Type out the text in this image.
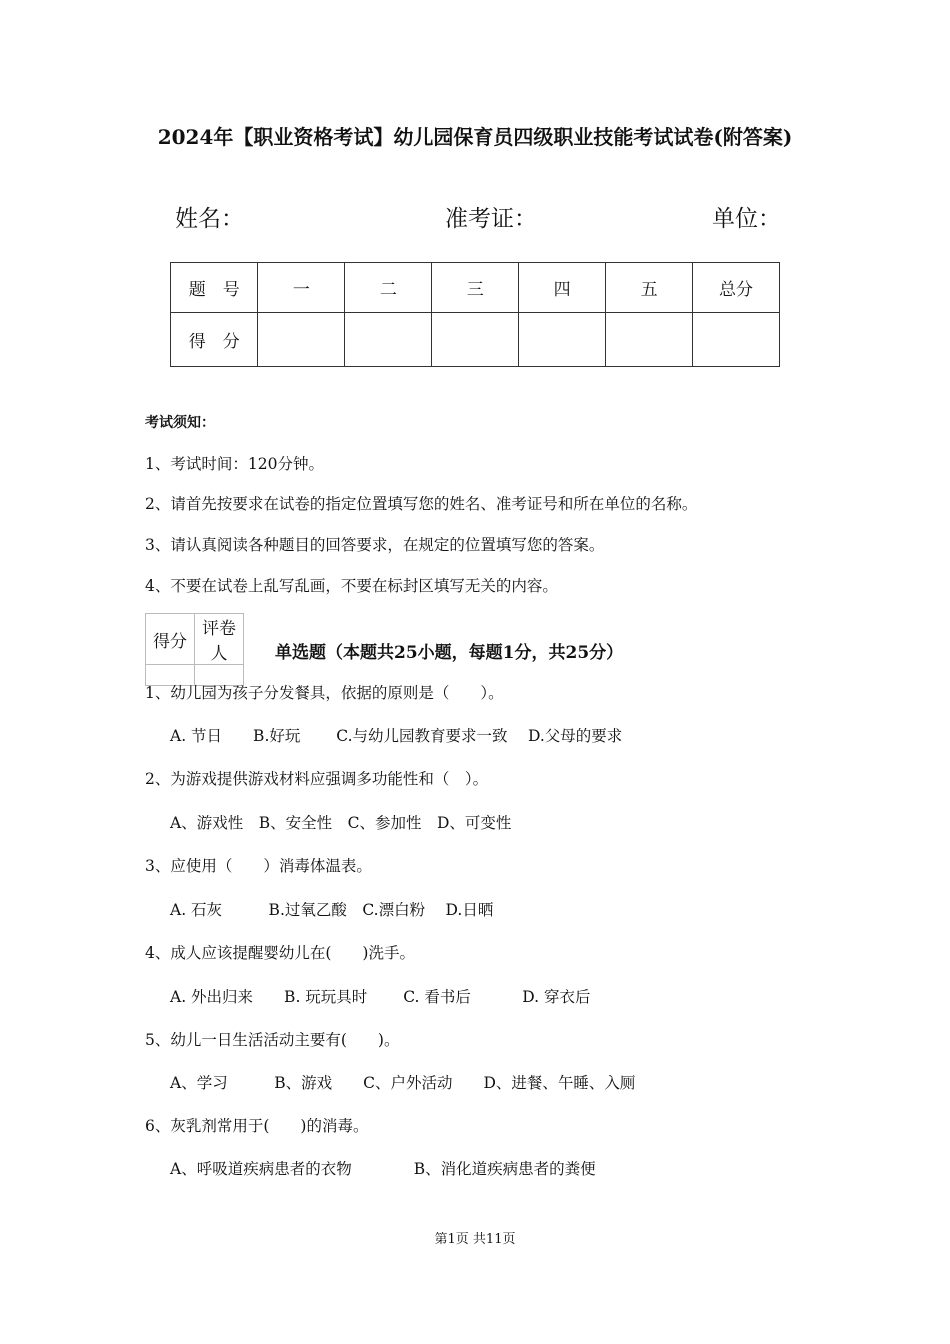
2024年【职业资格考试】幼儿园保育员四级职业技能考试试卷(附答案)
姓名：	准考证：	单位：
题　号	一	二	三	四	五	总分
得　分						
考试须知：
1、考试时间：120分钟。
2、请首先按要求在试卷的指定位置填写您的姓名、准考证号和所在单位的名称。
3、请认真阅读各种题目的回答要求，在规定的位置填写您的答案。
4、不要在试卷上乱写乱画，不要在标封区填写无关的内容。
得分	评卷人
		单选题（本题共25小题，每题1分，共25分）
1、幼儿园为孩子分发餐具，依据的原则是（　　）。
A. 节日　　B.好玩　　 C.与幼儿园教育要求一致　 D.父母的要求
2、为游戏提供游戏材料应强调多功能性和（　）。
A、游戏性　B、安全性　C、参加性　D、可变性
3、应使用（　　）消毒体温表。
A. 石灰　　　B.过氧乙酸　C.漂白粉　 D.日晒
4、成人应该提醒婴幼儿在(　　)洗手。
A. 外出归来　　B. 玩玩具时　　 C. 看书后　　　 D. 穿衣后
5、幼儿一日生活活动主要有(　　)。
A、学习　　　B、游戏　　C、户外活动　　D、进餐、午睡、入厕
6、灰乳剂常用于(　　)的消毒。
A、呼吸道疾病患者的衣物　　　　B、消化道疾病患者的粪便
第1页 共11页
